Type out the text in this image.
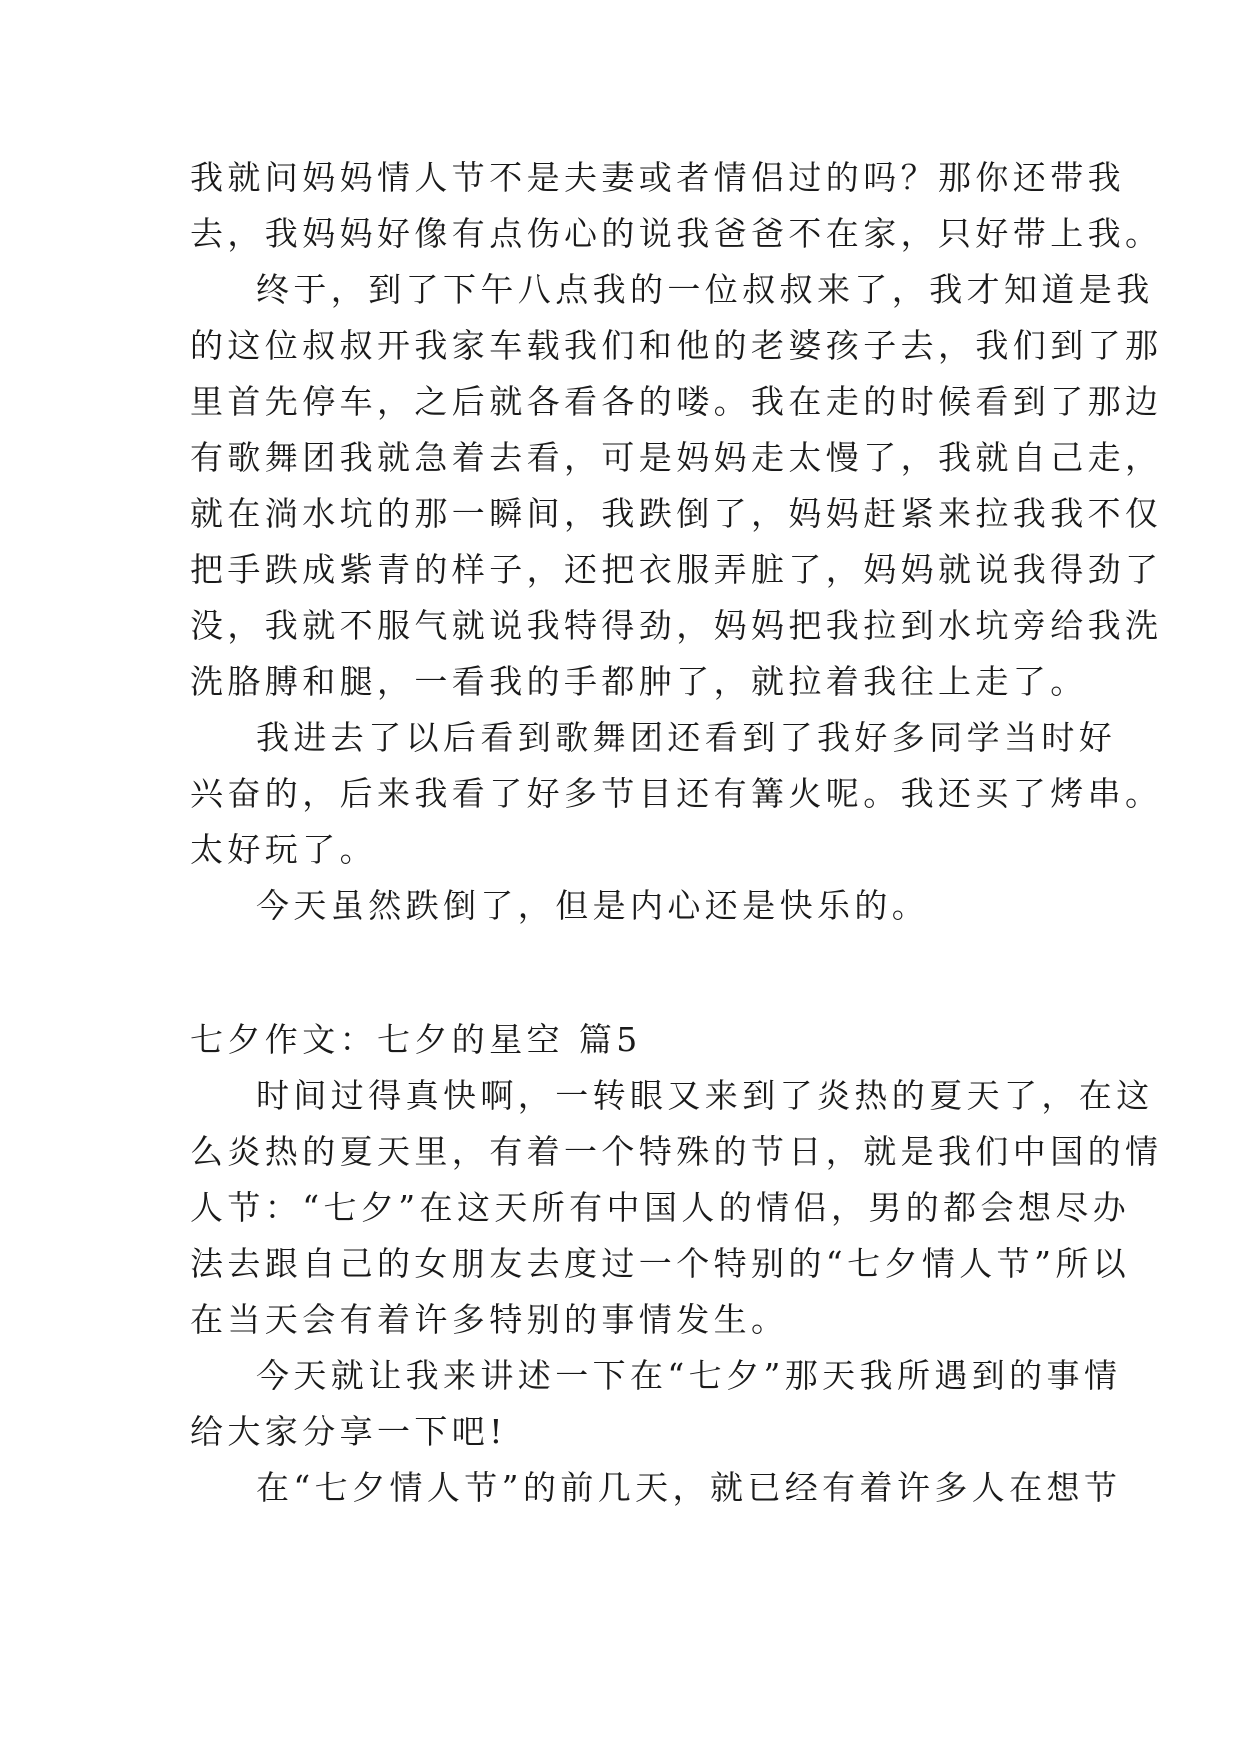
我就问妈妈情人节不是夫妻或者情侣过的吗？那你还带我
去，我妈妈好像有点伤心的说我爸爸不在家，只好带上我。
终于，到了下午八点我的一位叔叔来了，我才知道是我
的这位叔叔开我家车载我们和他的老婆孩子去，我们到了那
里首先停车，之后就各看各的喽。我在走的时候看到了那边
有歌舞团我就急着去看，可是妈妈走太慢了，我就自己走，
就在淌水坑的那一瞬间，我跌倒了，妈妈赶紧来拉我我不仅
把手跌成紫青的样子，还把衣服弄脏了，妈妈就说我得劲了
没，我就不服气就说我特得劲，妈妈把我拉到水坑旁给我洗
洗胳膊和腿，一看我的手都肿了，就拉着我往上走了。
我进去了以后看到歌舞团还看到了我好多同学当时好
兴奋的，后来我看了好多节目还有篝火呢。我还买了烤串。
太好玩了。
今天虽然跌倒了，但是内心还是快乐的。
七夕作文：七夕的星空 篇5
时间过得真快啊，一转眼又来到了炎热的夏天了，在这
么炎热的夏天里，有着一个特殊的节日，就是我们中国的情
人节：“七夕”在这天所有中国人的情侣，男的都会想尽办
法去跟自己的女朋友去度过一个特别的“七夕情人节”所以
在当天会有着许多特别的事情发生。
今天就让我来讲述一下在“七夕”那天我所遇到的事情
给大家分享一下吧!
在“七夕情人节”的前几天，就已经有着许多人在想节
